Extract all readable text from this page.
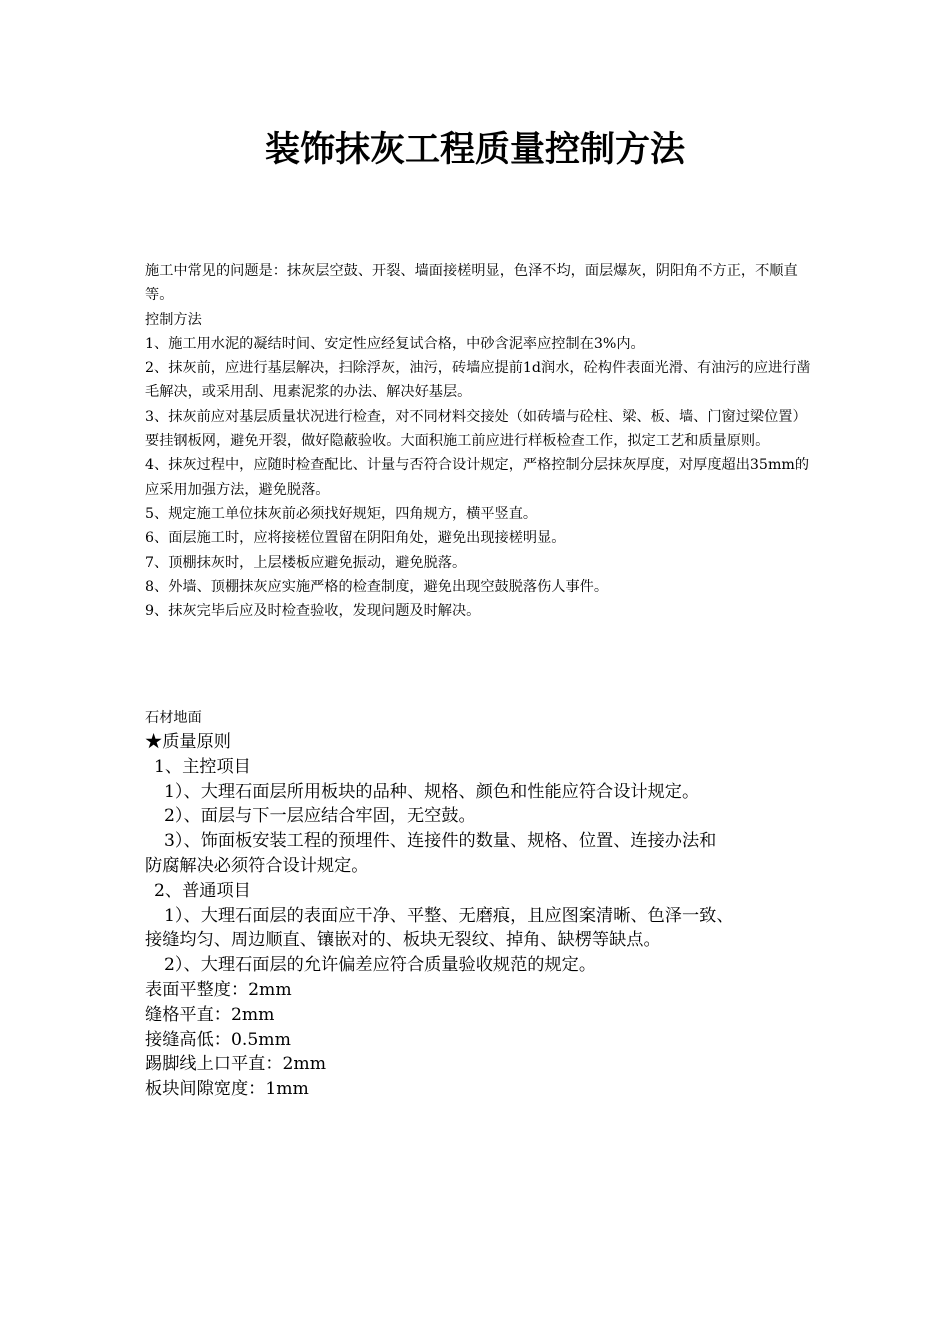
装饰抹灰工程质量控制方法

施工中常见的问题是：抹灰层空鼓、开裂、墙面接槎明显，色泽不均，面层爆灰，阴阳角不方正，不顺直等。

控制方法

1、施工用水泥的凝结时间、安定性应经复试合格，中砂含泥率应控制在3%内。

2、抹灰前，应进行基层解决，扫除浮灰，油污，砖墙应提前1d润水，砼构件表面光滑、有油污的应进行凿毛解决，或采用刮、甩素泥浆的办法、解决好基层。

3、抹灰前应对基层质量状况进行检查，对不同材料交接处（如砖墙与砼柱、梁、板、墙、门窗过梁位置）要挂钢板网，避免开裂，做好隐蔽验收。大面积施工前应进行样板检查工作，拟定工艺和质量原则。

4、抹灰过程中，应随时检查配比、计量与否符合设计规定，严格控制分层抹灰厚度，对厚度超出35mm的应采用加强方法，避免脱落。

5、规定施工单位抹灰前必须找好规矩，四角规方，横平竖直。

6、面层施工时，应将接槎位置留在阴阳角处，避免出现接槎明显。

7、顶棚抹灰时，上层楼板应避免振动，避免脱落。

8、外墙、顶棚抹灰应实施严格的检查制度，避免出现空鼓脱落伤人事件。

9、抹灰完毕后应及时检查验收，发现问题及时解决。

石材地面

★质量原则

1、主控项目

1）、大理石面层所用板块的品种、规格、颜色和性能应符合设计规定。

2）、面层与下一层应结合牢固，无空鼓。

3）、饰面板安装工程的预埋件、连接件的数量、规格、位置、连接办法和

防腐解决必须符合设计规定。

2、普通项目

1）、大理石面层的表面应干净、平整、无磨痕，且应图案清晰、色泽一致、

接缝均匀、周边顺直、镶嵌对的、板块无裂纹、掉角、缺楞等缺点。

2）、大理石面层的允许偏差应符合质量验收规范的规定。

表面平整度：2mm

缝格平直：2mm

接缝高低：0.5mm

踢脚线上口平直：2mm

板块间隙宽度：1mm
